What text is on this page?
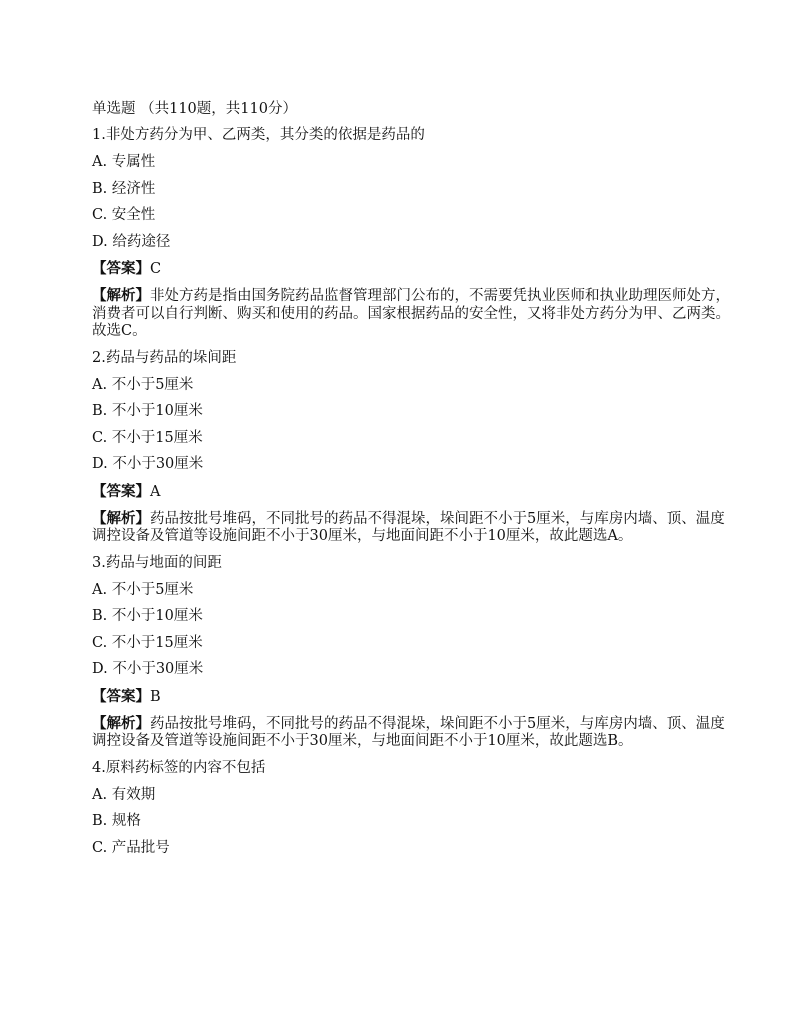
单选题 （共110题，共110分）
1.非处方药分为甲、乙两类，其分类的依据是药品的
A. 专属性
B. 经济性
C. 安全性
D. 给药途径
【答案】C
【解析】非处方药是指由国务院药品监督管理部门公布的，不需要凭执业医师和执业助理医师处方，消费者可以自行判断、购买和使用的药品。国家根据药品的安全性，又将非处方药分为甲、乙两类。故选C。
2.药品与药品的垛间距
A. 不小于5厘米
B. 不小于10厘米
C. 不小于15厘米
D. 不小于30厘米
【答案】A
【解析】药品按批号堆码，不同批号的药品不得混垛，垛间距不小于5厘米，与库房内墙、顶、温度调控设备及管道等设施间距不小于30厘米，与地面间距不小于10厘米，故此题选A。
3.药品与地面的间距
A. 不小于5厘米
B. 不小于10厘米
C. 不小于15厘米
D. 不小于30厘米
【答案】B
【解析】药品按批号堆码，不同批号的药品不得混垛，垛间距不小于5厘米，与库房内墙、顶、温度调控设备及管道等设施间距不小于30厘米，与地面间距不小于10厘米，故此题选B。
4.原料药标签的内容不包括
A. 有效期
B. 规格
C. 产品批号
